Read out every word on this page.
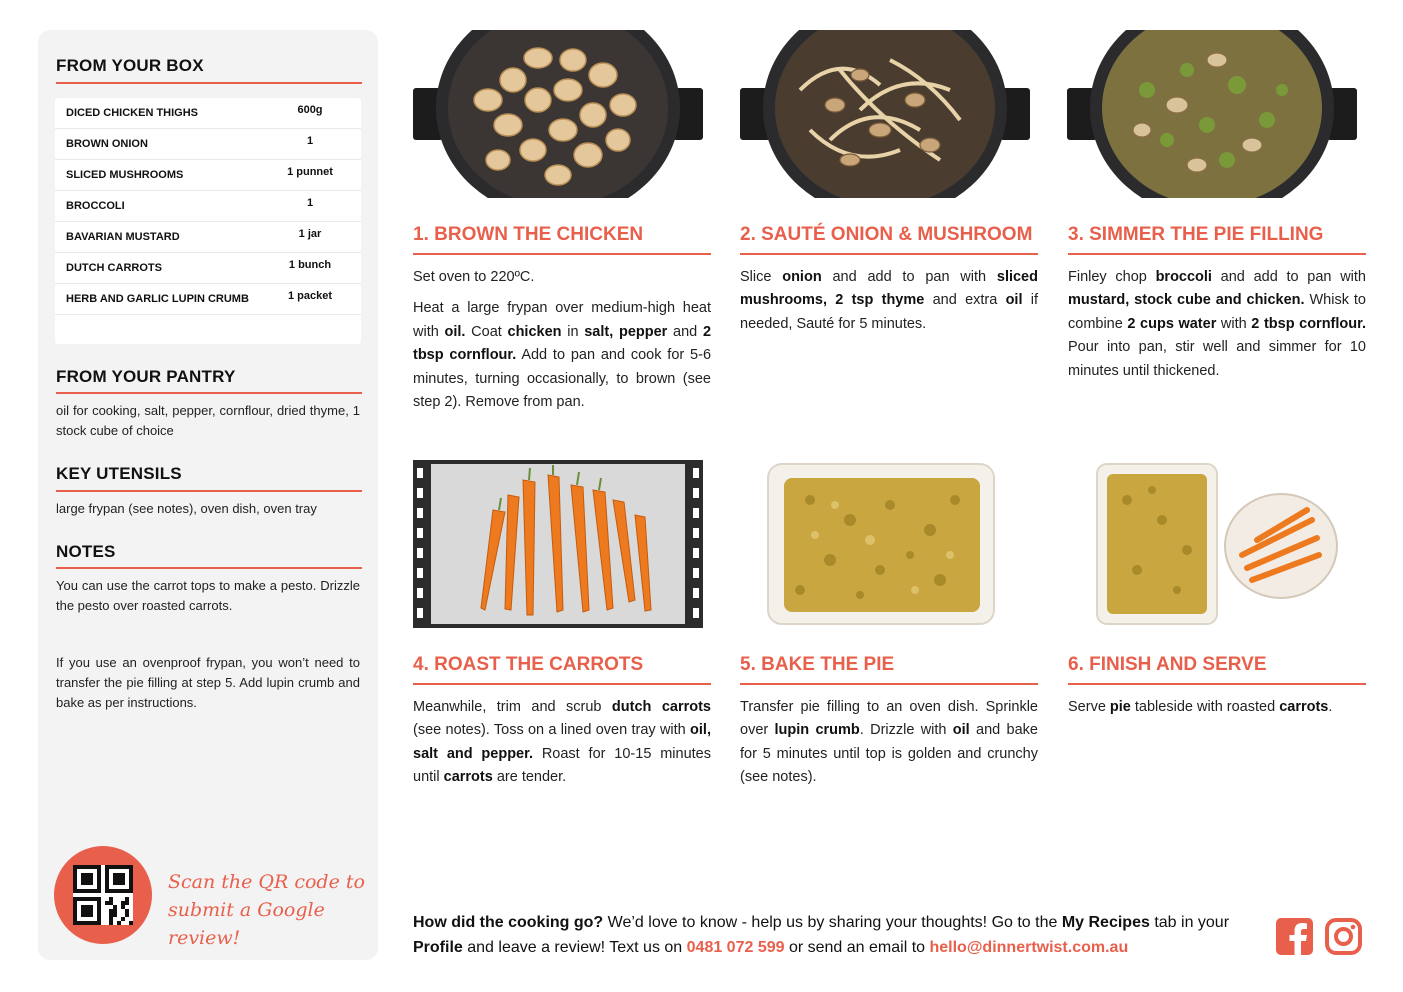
FROM YOUR BOX
DICED CHICKEN THIGHS	600g
BROWN ONION	1
SLICED MUSHROOMS	1 punnet
BROCCOLI	1
BAVARIAN MUSTARD	1 jar
DUTCH CARROTS	1 bunch
HERB AND GARLIC LUPIN CRUMB	1 packet
FROM YOUR PANTRY
oil for cooking, salt, pepper, cornflour, dried thyme, 1 stock cube of choice
KEY UTENSILS
large frypan (see notes), oven dish, oven tray
NOTES
You can use the carrot tops to make a pesto. Drizzle the pesto over roasted carrots.
If you use an ovenproof frypan, you won’t need to transfer the pie filling at step 5. Add lupin crumb and bake as per instructions.
Scan the QR code to
submit a Google review!
1. BROWN THE CHICKEN

Set oven to 220ºC.

Heat a large frypan over medium-high heat with oil. Coat chicken in salt, pepper and 2 tbsp cornflour. Add to pan and cook for 5-6 minutes, turning occasionally, to brown (see step 2). Remove from pan.

2. SAUTÉ ONION & MUSHROOM

Slice onion and add to pan with sliced mushrooms, 2 tsp thyme and extra oil if needed, Sauté for 5 minutes.

3. SIMMER THE PIE FILLING

Finley chop broccoli and add to pan with mustard, stock cube and chicken. Whisk to combine 2 cups water with 2 tbsp cornflour. Pour into pan, stir well and simmer for 10 minutes until thickened.

4. ROAST THE CARROTS

Meanwhile, trim and scrub dutch carrots (see notes). Toss on a lined oven tray with oil, salt and pepper. Roast for 10-15 minutes until carrots are tender.

5. BAKE THE PIE

Transfer pie filling to an oven dish. Sprinkle over lupin crumb. Drizzle with oil and bake for 5 minutes until top is golden and crunchy (see notes).

6. FINISH AND SERVE

Serve pie tableside with roasted carrots.

How did the cooking go? We’d love to know - help us by sharing your thoughts! Go to the My Recipes tab in your Profile and leave a review! Text us on 0481 072 599 or send an email to hello@dinnertwist.com.au
